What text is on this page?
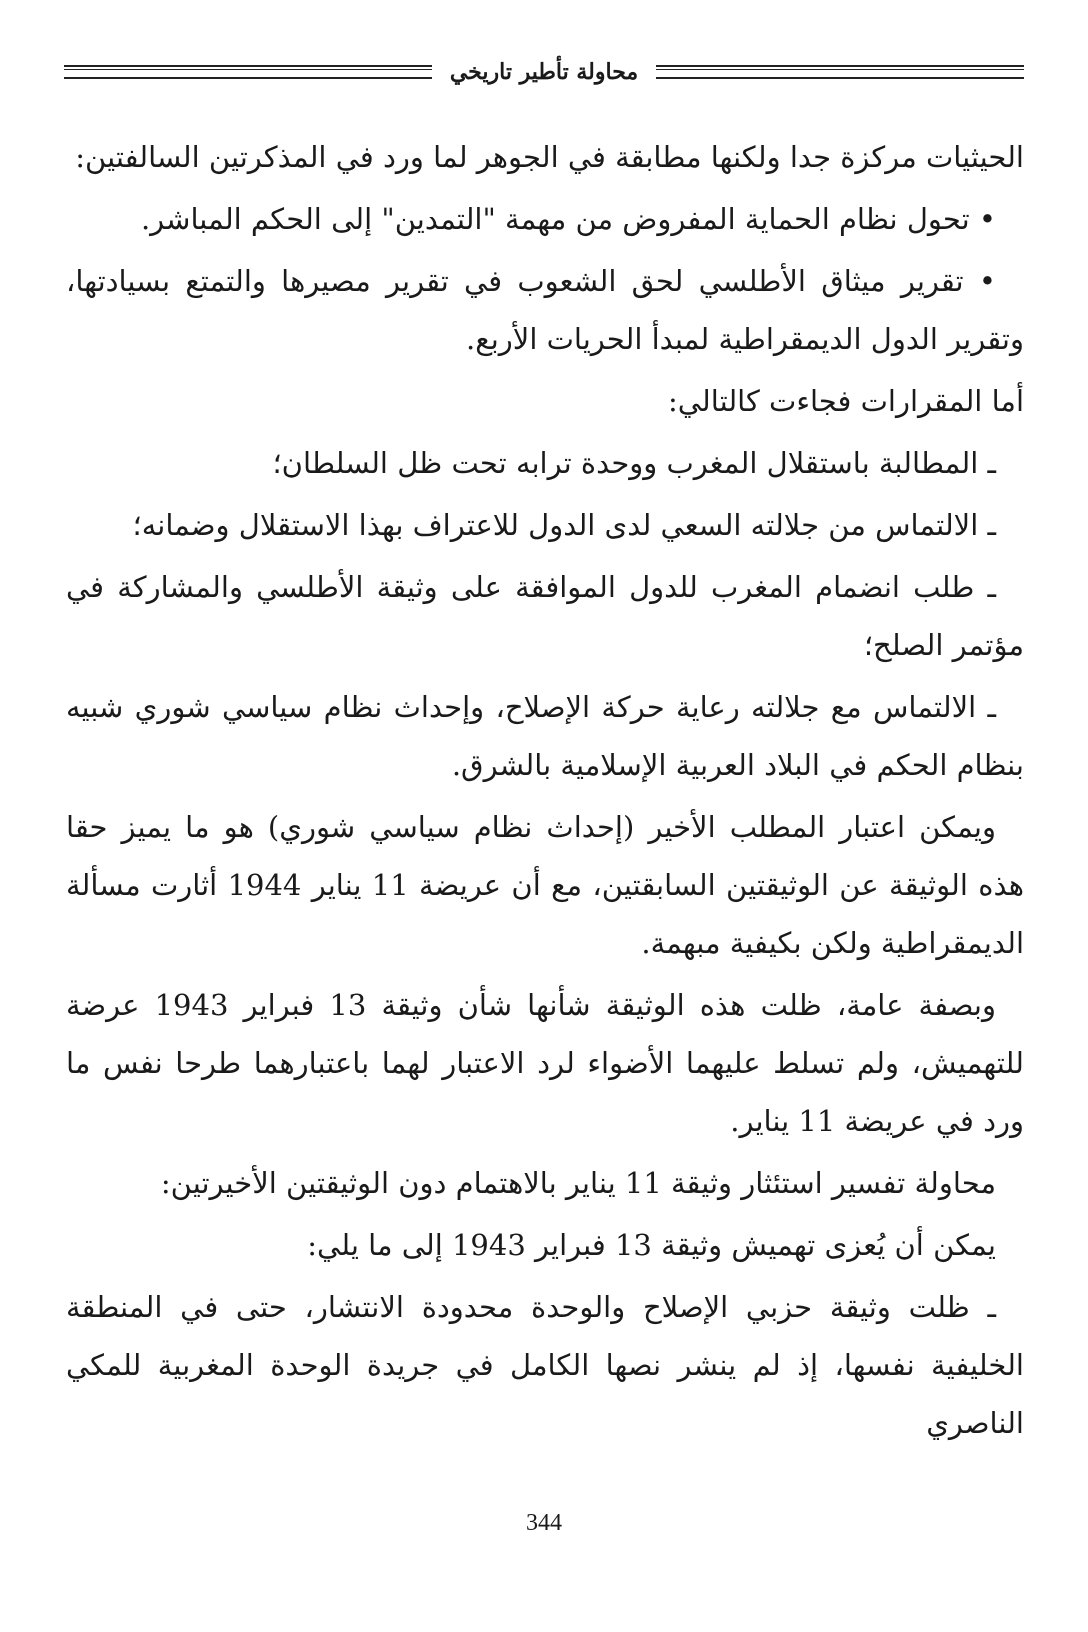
محاولة تأطير تاريخي

الحيثيات مركزة جدا ولكنها مطابقة في الجوهر لما ورد في المذكرتين السالفتين:

• تحول نظام الحماية المفروض من مهمة "التمدين" إلى الحكم المباشر.

• تقرير ميثاق الأطلسي لحق الشعوب في تقرير مصيرها والتمتع بسيادتها، وتقرير الدول الديمقراطية لمبدأ الحريات الأربع.

أما المقرارات فجاءت كالتالي:

ـ المطالبة باستقلال المغرب ووحدة ترابه تحت ظل السلطان؛

ـ الالتماس من جلالته السعي لدى الدول للاعتراف بهذا الاستقلال وضمانه؛

ـ طلب انضمام المغرب للدول الموافقة على وثيقة الأطلسي والمشاركة في مؤتمر الصلح؛

ـ الالتماس مع جلالته رعاية حركة الإصلاح، وإحداث نظام سياسي شوري شبيه بنظام الحكم في البلاد العربية الإسلامية بالشرق.

ويمكن اعتبار المطلب الأخير (إحداث نظام سياسي شوري) هو ما يميز حقا هذه الوثيقة عن الوثيقتين السابقتين، مع أن عريضة 11 يناير 1944 أثارت مسألة الديمقراطية ولكن بكيفية مبهمة.

وبصفة عامة، ظلت هذه الوثيقة شأنها شأن وثيقة 13 فبراير 1943 عرضة للتهميش، ولم تسلط عليهما الأضواء لرد الاعتبار لهما باعتبارهما طرحا نفس ما ورد في عريضة 11 يناير.

محاولة تفسير استئثار وثيقة 11 يناير بالاهتمام دون الوثيقتين الأخيرتين:

يمكن أن يُعزى تهميش وثيقة 13 فبراير 1943 إلى ما يلي:

ـ ظلت وثيقة حزبي الإصلاح والوحدة محدودة الانتشار، حتى في المنطقة الخليفية نفسها، إذ لم ينشر نصها الكامل في جريدة الوحدة المغربية للمكي الناصري

344
